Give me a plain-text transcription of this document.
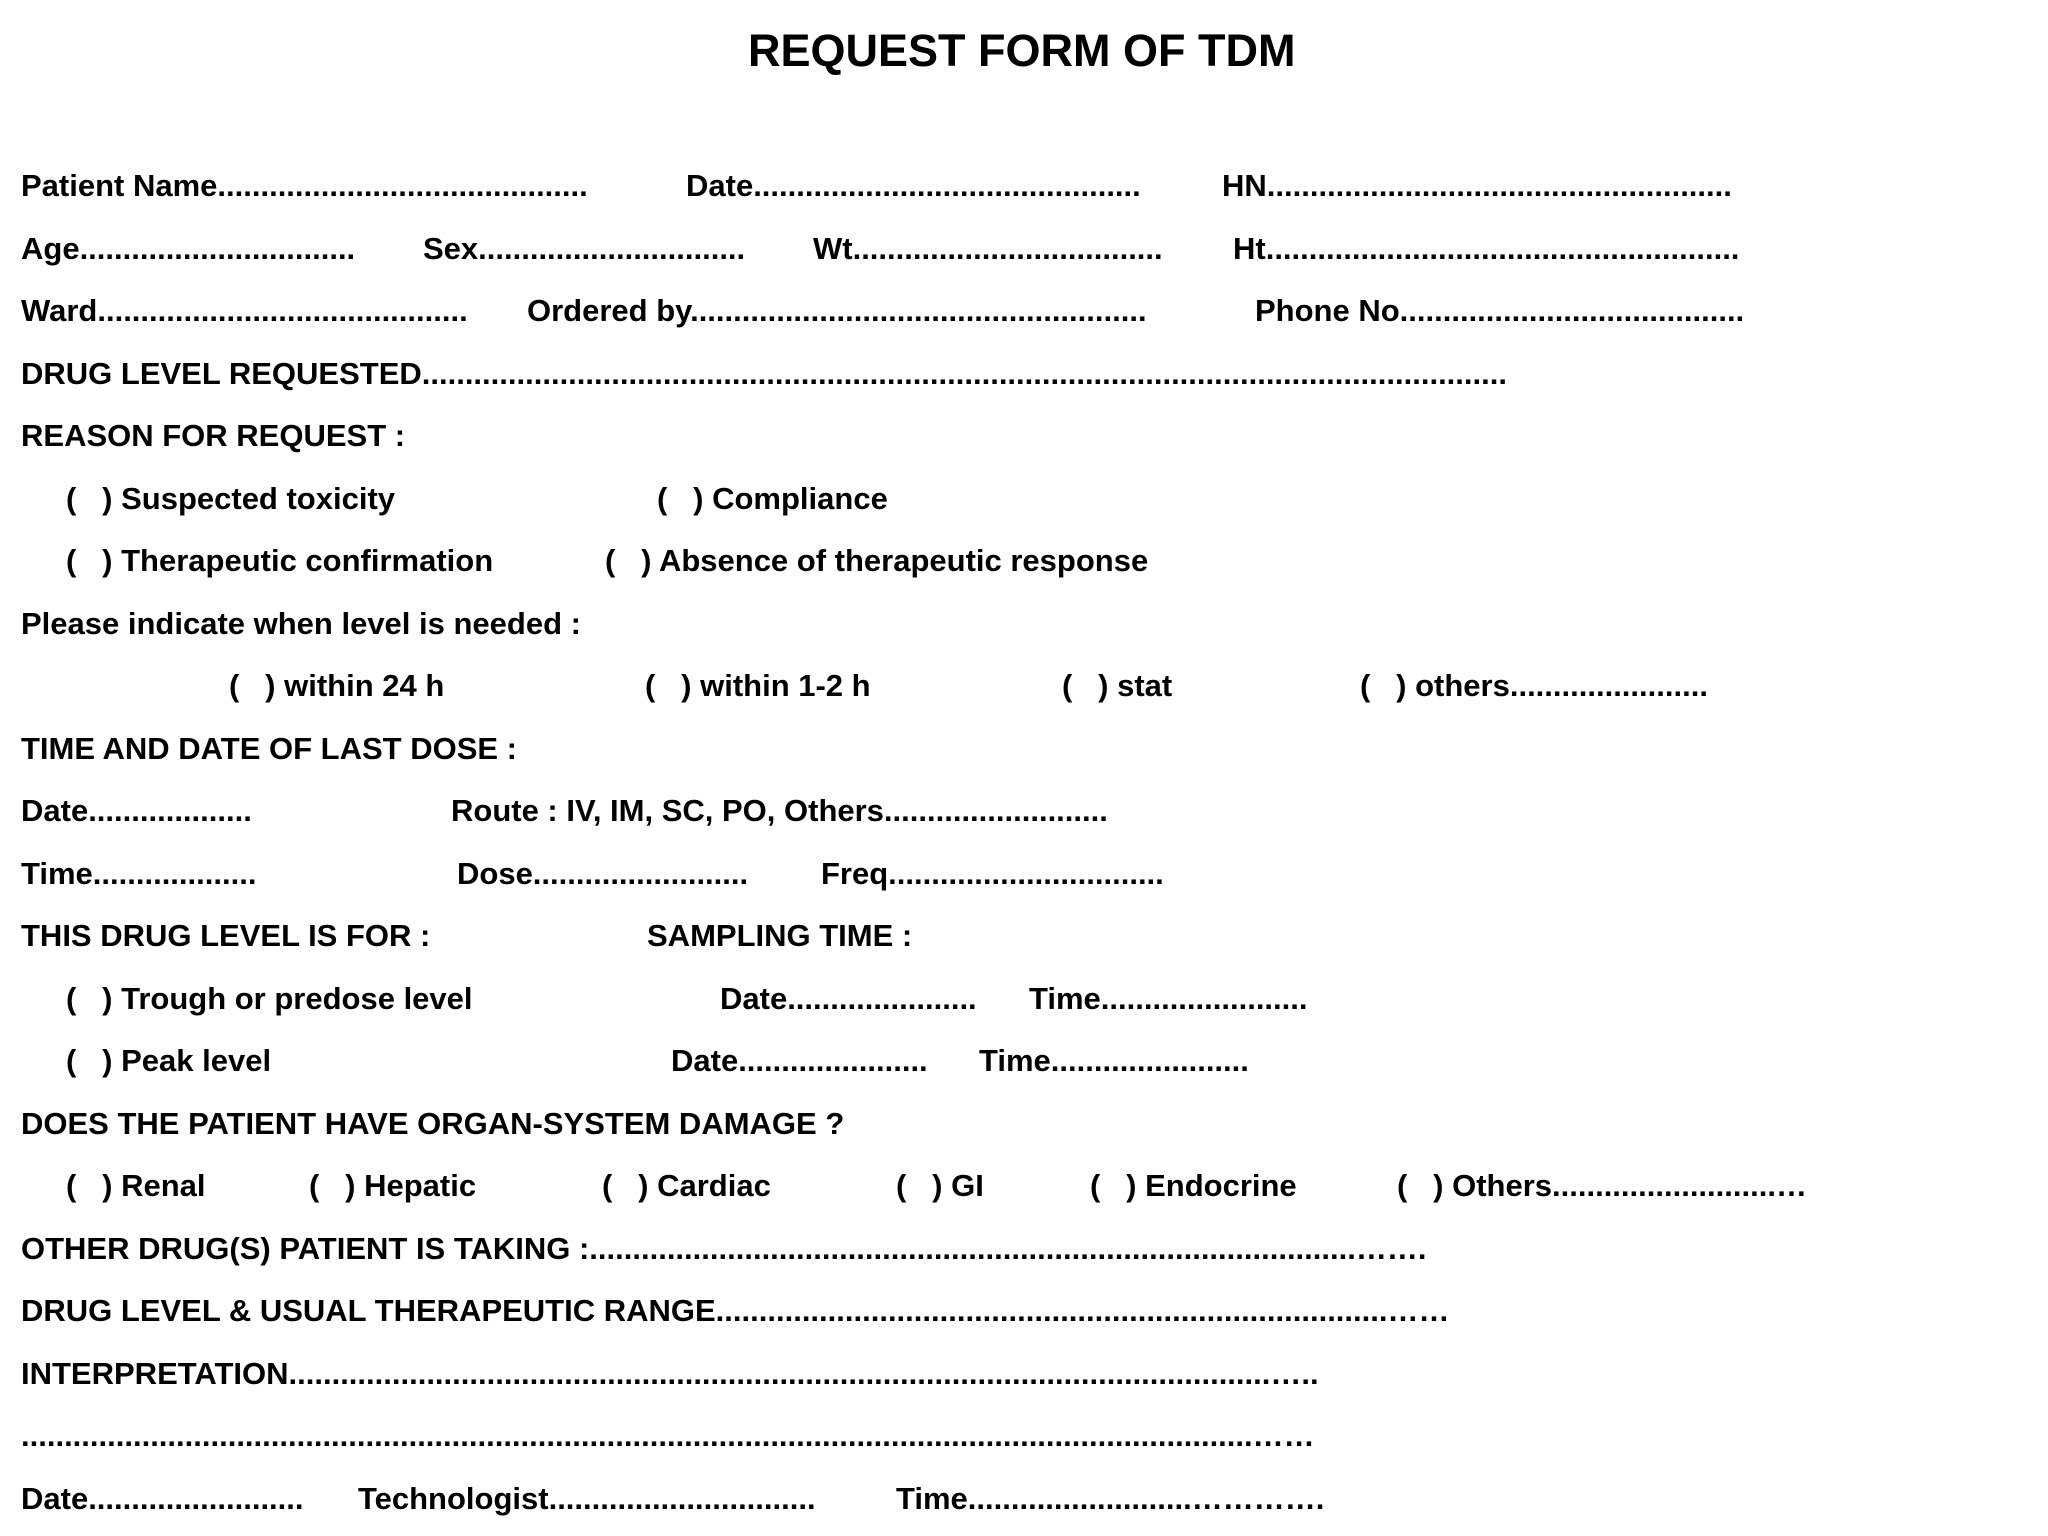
REQUEST FORM OF TDM
Patient Name...........................................	Date.............................................	HN......................................................
Age................................ Sex............................... Wt.................................... Ht.......................................................
Ward........................................... Ordered by.....................................................	Phone No........................................
DRUG LEVEL REQUESTED..............................................................................................................................
REASON FOR REQUEST :
(   ) Suspected toxicity	(   ) Compliance
(   ) Therapeutic confirmation	(   ) Absence of therapeutic response
Please indicate when level is needed :
(   ) within 24 h	(   ) within 1-2 h	(   ) stat	(   ) others.......................
TIME AND DATE OF LAST DOSE :
Date...................	Route : IV, IM, SC, PO, Others..........................
Time...................	Dose......................... Freq................................
THIS DRUG LEVEL IS FOR :	SAMPLING TIME :
(   ) Trough or predose level	Date...................... Time........................
(   ) Peak level	Date...................... Time.......................
DOES THE PATIENT HAVE ORGAN-SYSTEM DAMAGE ?
(   ) Renal	(   ) Hepatic	(   ) Cardiac	(   ) GI	(   ) Endocrine	(   ) Others..........................…
OTHER DRUG(S) PATIENT IS TAKING :.........................................................................................…….
DRUG LEVEL & USUAL THERAPEUTIC RANGE..............................................................................……
INTERPRETATION..................................................................................................................…..
...............................................................................................................................................……
Date......................... Technologist...............................	Time..........................………….
